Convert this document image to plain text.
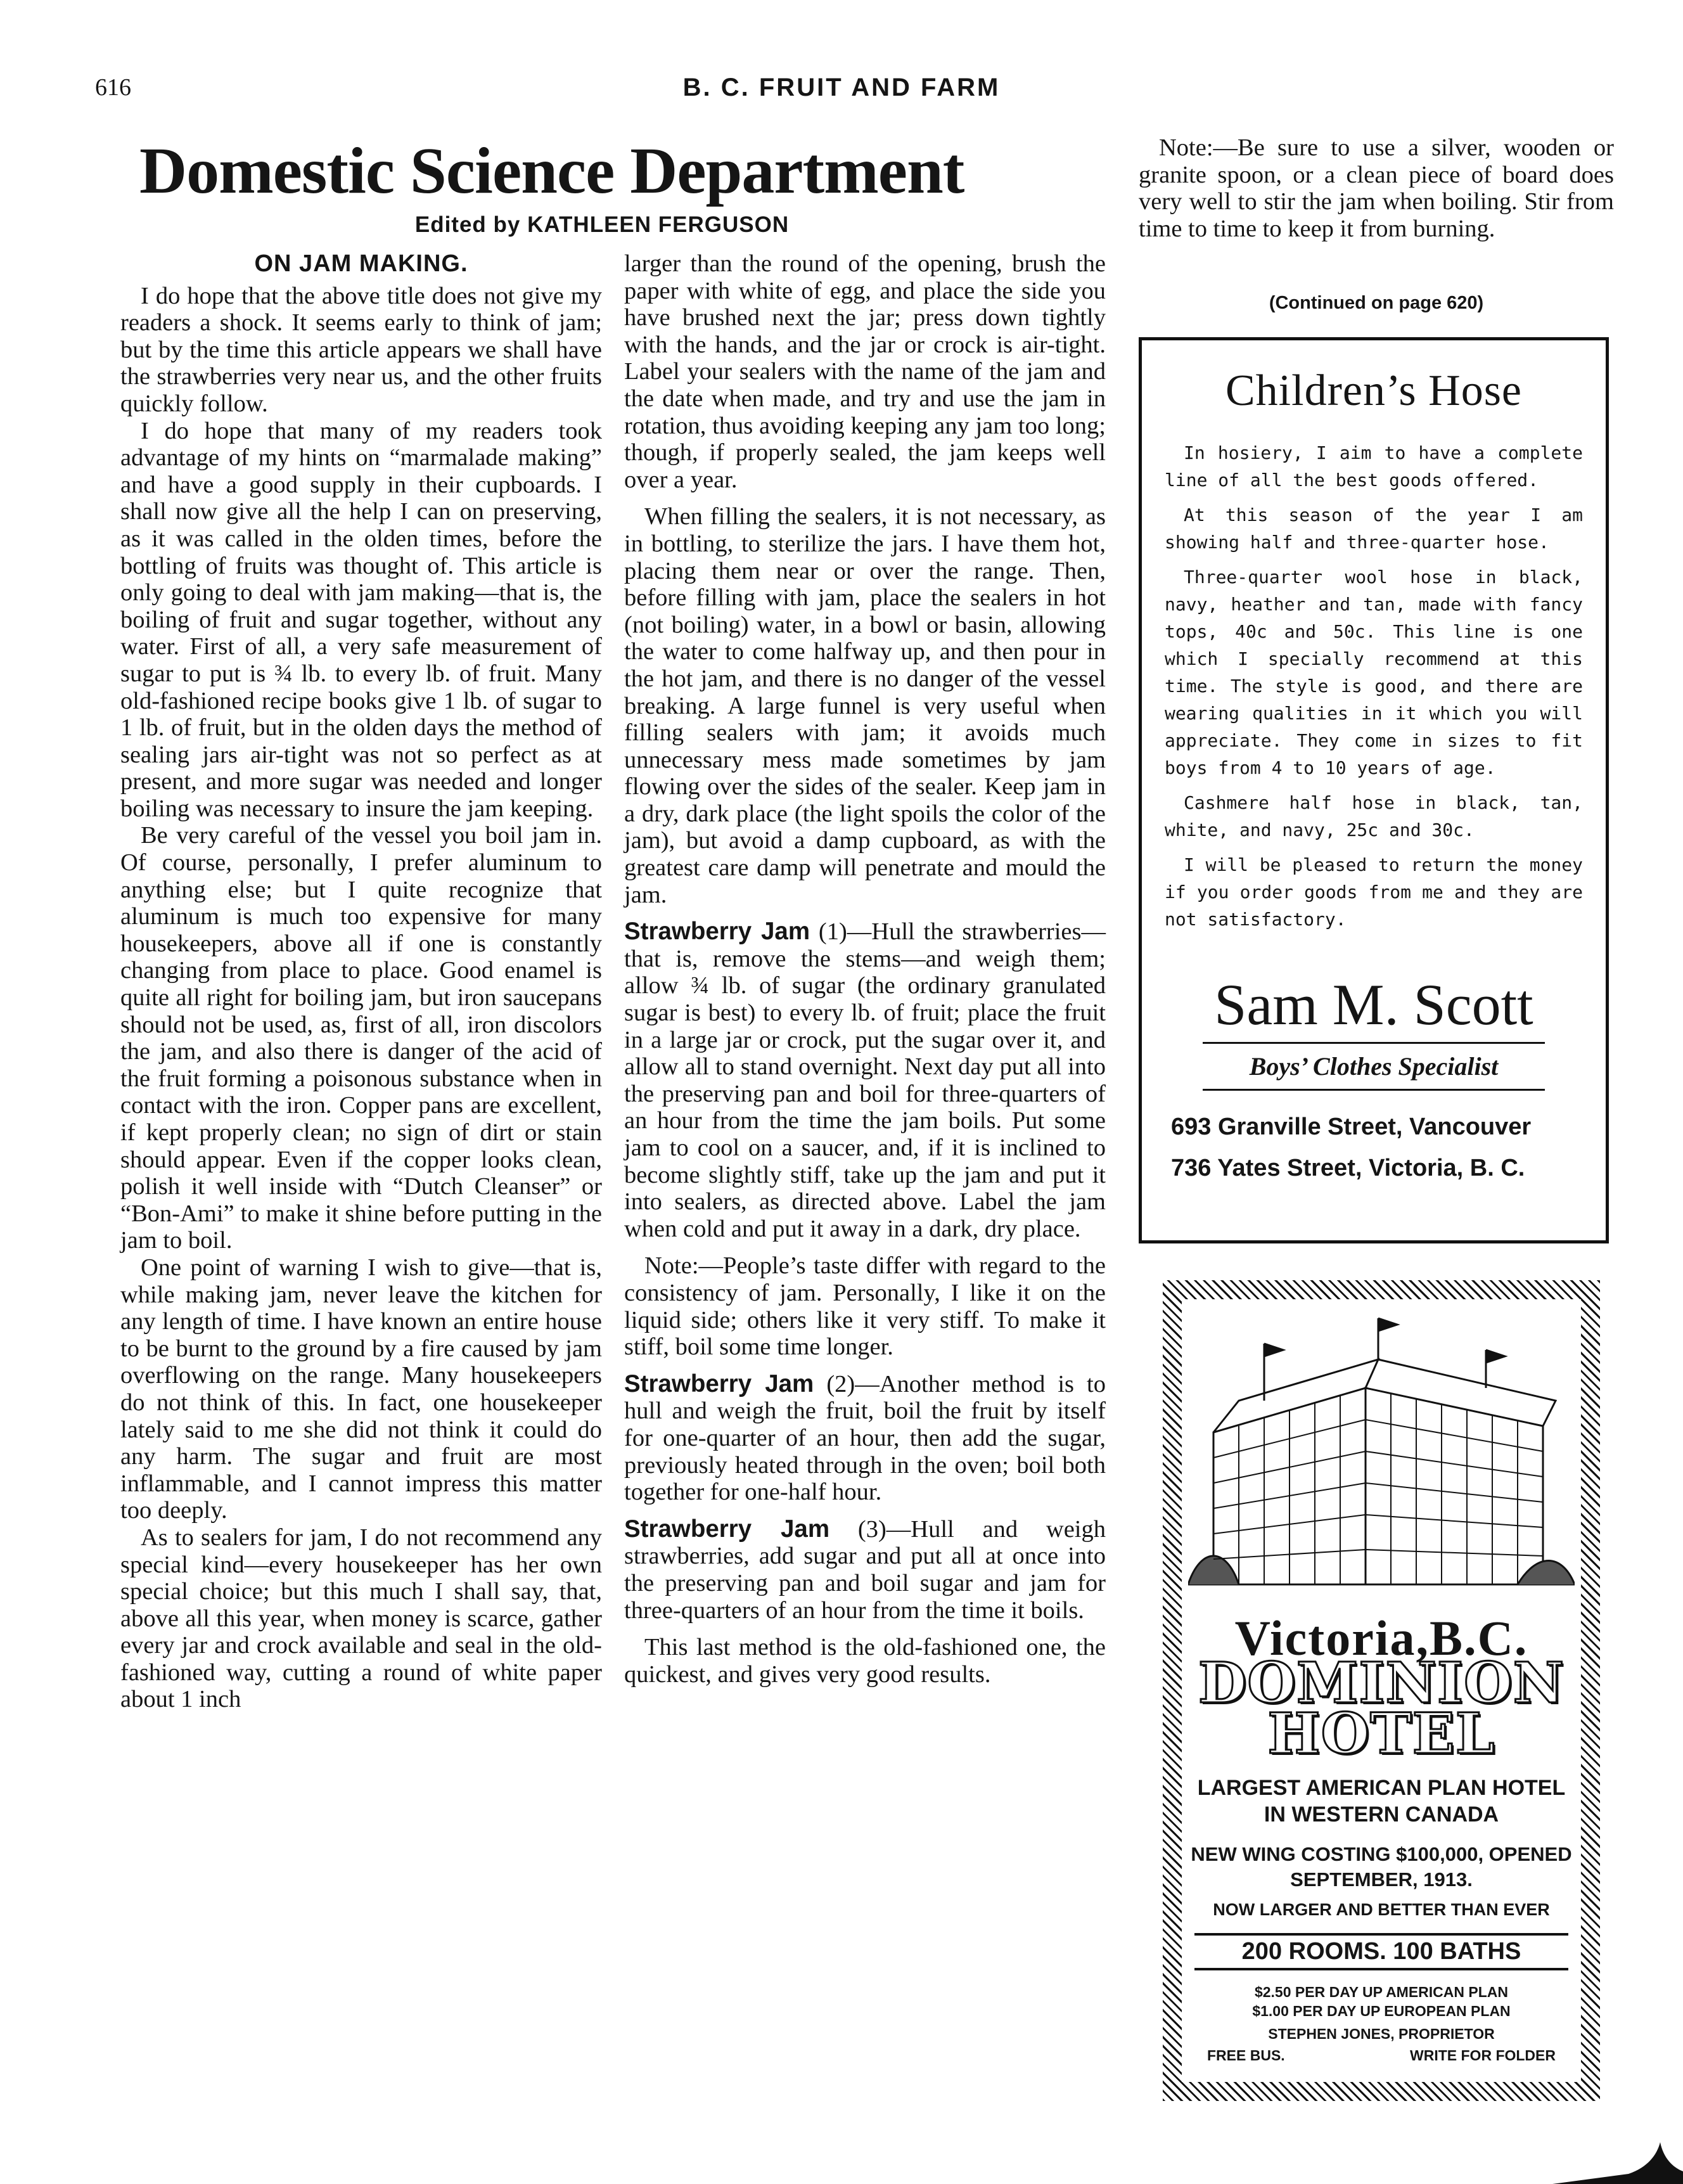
616	B. C. FRUIT AND FARM
Domestic Science Department
Edited by KATHLEEN FERGUSON

ON JAM MAKING.

I do hope that the above title does not give my readers a shock. It seems early to think of jam; but by the time this article appears we shall have the strawberries very near us, and the other fruits quickly follow.

I do hope that many of my readers took advantage of my hints on “marmalade making” and have a good supply in their cupboards. I shall now give all the help I can on preserving, as it was called in the olden times, before the bottling of fruits was thought of. This article is only going to deal with jam making—that is, the boiling of fruit and sugar together, without any water. First of all, a very safe measurement of sugar to put is ¾ lb. to every lb. of fruit. Many old-fashioned recipe books give 1 lb. of sugar to 1 lb. of fruit, but in the olden days the method of sealing jars air-tight was not so perfect as at present, and more sugar was needed and longer boiling was necessary to insure the jam keeping.

Be very careful of the vessel you boil jam in. Of course, personally, I prefer aluminum to anything else; but I quite recognize that aluminum is much too expensive for many housekeepers, above all if one is constantly changing from place to place. Good enamel is quite all right for boiling jam, but iron saucepans should not be used, as, first of all, iron discolors the jam, and also there is danger of the acid of the fruit forming a poisonous substance when in contact with the iron. Copper pans are excellent, if kept properly clean; no sign of dirt or stain should appear. Even if the copper looks clean, polish it well inside with “Dutch Cleanser” or “Bon-Ami” to make it shine before putting in the jam to boil.

One point of warning I wish to give—that is, while making jam, never leave the kitchen for any length of time. I have known an entire house to be burnt to the ground by a fire caused by jam overflowing on the range. Many housekeepers do not think of this. In fact, one housekeeper lately said to me she did not think it could do any harm. The sugar and fruit are most inflammable, and I cannot impress this matter too deeply.

As to sealers for jam, I do not recommend any special kind—every housekeeper has her own special choice; but this much I shall say, that, above all this year, when money is scarce, gather every jar and crock available and seal in the old-fashioned way, cutting a round of white paper about 1 inch

larger than the round of the opening, brush the paper with white of egg, and place the side you have brushed next the jar; press down tightly with the hands, and the jar or crock is air-tight. Label your sealers with the name of the jam and the date when made, and try and use the jam in rotation, thus avoiding keeping any jam too long; though, if properly sealed, the jam keeps well over a year.

When filling the sealers, it is not necessary, as in bottling, to sterilize the jars. I have them hot, placing them near or over the range. Then, before filling with jam, place the sealers in hot (not boiling) water, in a bowl or basin, allowing the water to come halfway up, and then pour in the hot jam, and there is no danger of the vessel breaking. A large funnel is very useful when filling sealers with jam; it avoids much unnecessary mess made sometimes by jam flowing over the sides of the sealer. Keep jam in a dry, dark place (the light spoils the color of the jam), but avoid a damp cupboard, as with the greatest care damp will penetrate and mould the jam.

Strawberry Jam (1)—Hull the strawberries—that is, remove the stems—and weigh them; allow ¾ lb. of sugar (the ordinary granulated sugar is best) to every lb. of fruit; place the fruit in a large jar or crock, put the sugar over it, and allow all to stand overnight. Next day put all into the preserving pan and boil for three-quarters of an hour from the time the jam boils. Put some jam to cool on a saucer, and, if it is inclined to become slightly stiff, take up the jam and put it into sealers, as directed above. Label the jam when cold and put it away in a dark, dry place.

Note:—People’s taste differ with regard to the consistency of jam. Personally, I like it on the liquid side; others like it very stiff. To make it stiff, boil some time longer.

Strawberry Jam (2)—Another method is to hull and weigh the fruit, boil the fruit by itself for one-quarter of an hour, then add the sugar, previously heated through in the oven; boil both together for one-half hour.

Strawberry Jam (3)—Hull and weigh strawberries, add sugar and put all at once into the preserving pan and boil sugar and jam for three-quarters of an hour from the time it boils.

This last method is the old-fashioned one, the quickest, and gives very good results.

Note:—Be sure to use a silver, wooden or granite spoon, or a clean piece of board does very well to stir the jam when boiling. Stir from time to time to keep it from burning.

(Continued on page 620)
Children’s Hose

In hosiery, I aim to have a complete line of all the best goods offered.

At this season of the year I am showing half and three-quarter hose.

Three-quarter wool hose in black, navy, heather and tan, made with fancy tops, 40c and 50c. This line is one which I specially recommend at this time. The style is good, and there are wearing qualities in it which you will appreciate. They come in sizes to fit boys from 4 to 10 years of age.

Cashmere half hose in black, tan, white, and navy, 25c and 30c.

I will be pleased to return the money if you order goods from me and they are not satisfactory.

Sam M. Scott
Boys’ Clothes Specialist
693 Granville Street, Vancouver
736 Yates Street, Victoria, B. C.
Victoria,B.C.
DOMINION
HOTEL
LARGEST AMERICAN PLAN HOTEL
IN WESTERN CANADA
NEW WING COSTING $100,000, OPENED
SEPTEMBER, 1913.
NOW LARGER AND BETTER THAN EVER
200 ROOMS. 100 BATHS
$2.50 PER DAY UP AMERICAN PLAN
$1.00 PER DAY UP EUROPEAN PLAN
STEPHEN JONES, PROPRIETOR
FREE BUS.	WRITE FOR FOLDER
